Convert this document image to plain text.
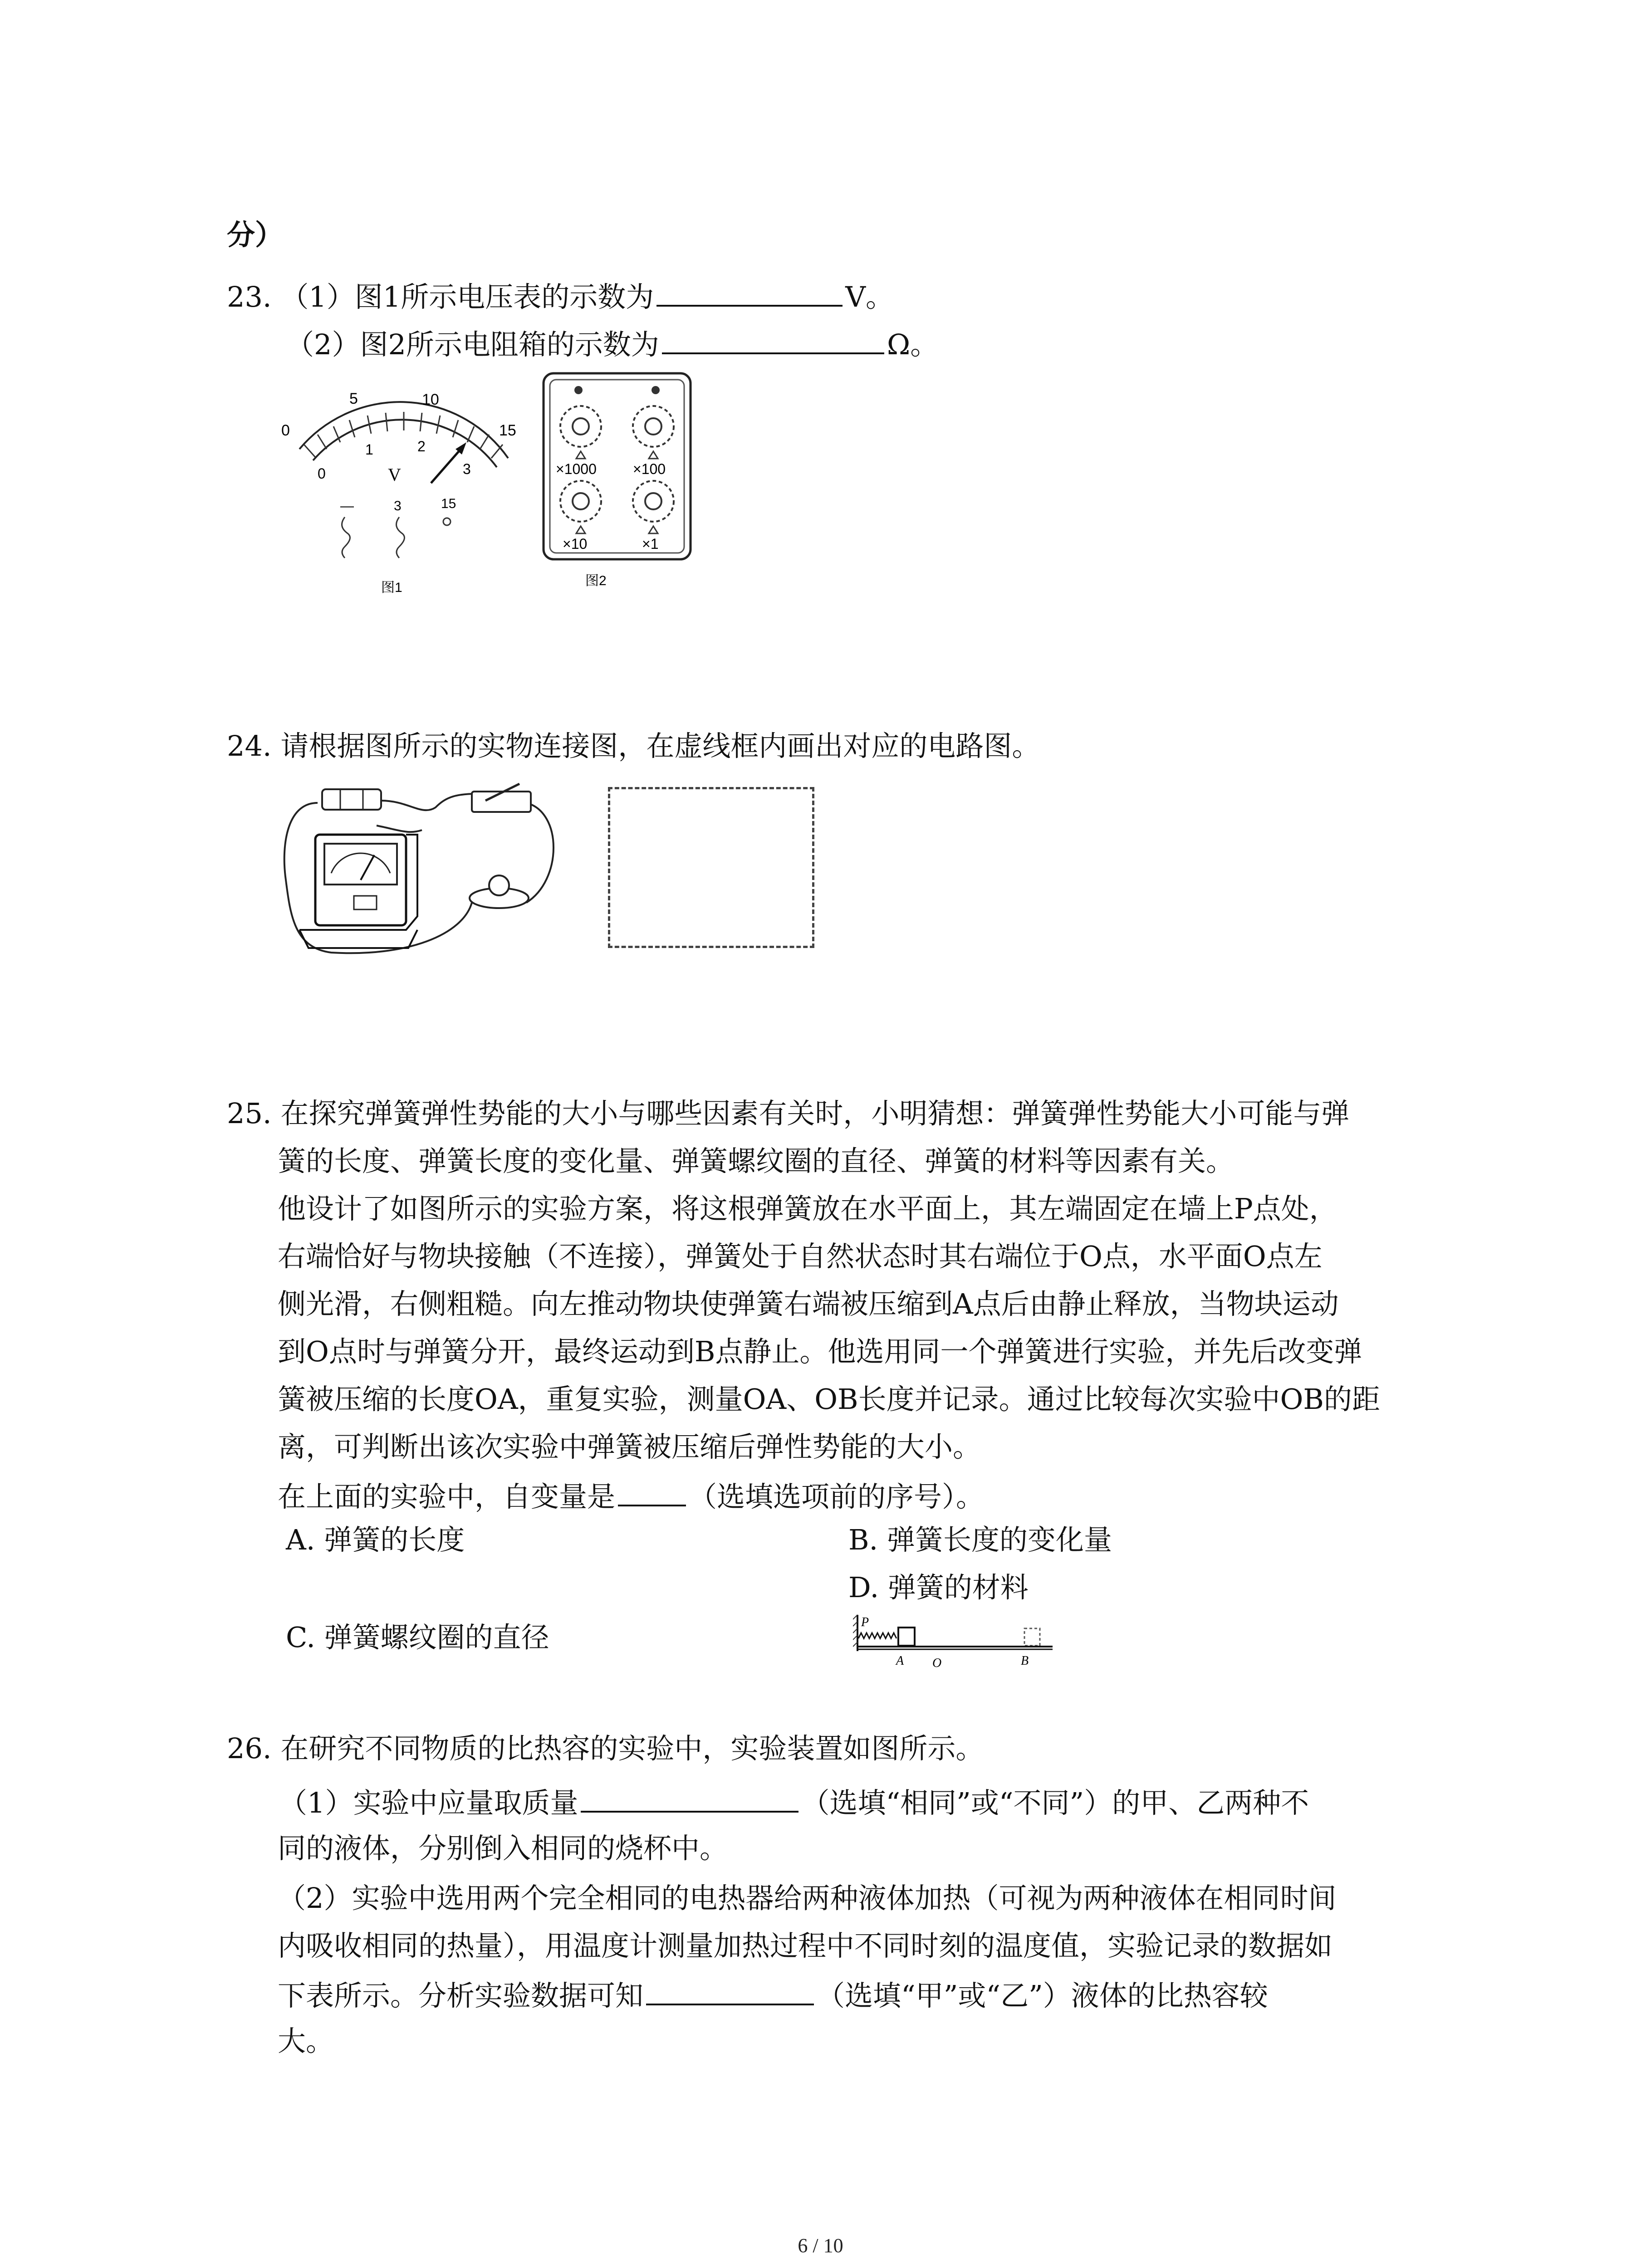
分）
23. （1）图1所示电压表的示数为	V。
（2）图2所示电阻箱的示数为	Ω。
0
5	10
15
0
1	2
3
V
—	3	15
图1
×1000	×100
×10	×1
图2
24. 请根据图所示的实物连接图，在虚线框内画出对应的电路图。
25. 在探究弹簧弹性势能的大小与哪些因素有关时，小明猜想：弹簧弹性势能大小可能与弹
簧的长度、弹簧长度的变化量、弹簧螺纹圈的直径、弹簧的材料等因素有关。
他设计了如图所示的实验方案，将这根弹簧放在水平面上，其左端固定在墙上P点处，
右端恰好与物块接触（不连接），弹簧处于自然状态时其右端位于O点，水平面O点左
侧光滑，右侧粗糙。向左推动物块使弹簧右端被压缩到A点后由静止释放，当物块运动
到O点时与弹簧分开，最终运动到B点静止。他选用同一个弹簧进行实验，并先后改变弹
簧被压缩的长度OA，重复实验，测量OA、OB长度并记录。通过比较每次实验中OB的距
离，可判断出该次实验中弹簧被压缩后弹性势能的大小。
在上面的实验中，自变量是	（选填选项前的序号）。
A. 弹簧的长度	B. 弹簧长度的变化量
D. 弹簧的材料
C. 弹簧螺纹圈的直径	P
A O	B
26. 在研究不同物质的比热容的实验中，实验装置如图所示。
（1）实验中应量取质量	（选填“相同”或“不同”）的甲、乙两种不
同的液体，分别倒入相同的烧杯中。
（2）实验中选用两个完全相同的电热器给两种液体加热（可视为两种液体在相同时间
内吸收相同的热量），用温度计测量加热过程中不同时刻的温度值，实验记录的数据如
下表所示。分析实验数据可知	（选填“甲”或“乙”）液体的比热容较
大。
6 / 10
